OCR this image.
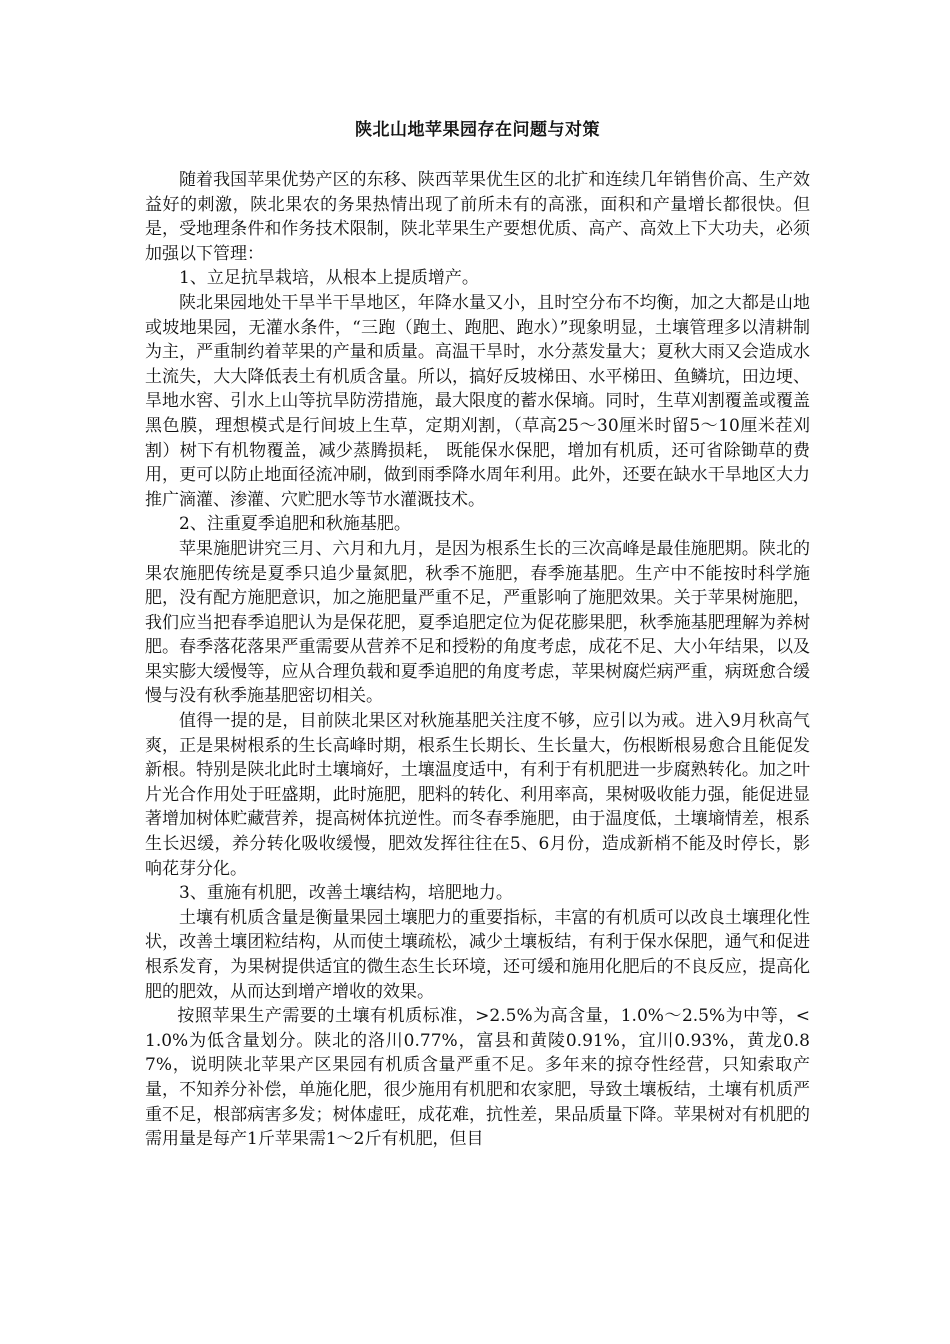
陕北山地苹果园存在问题与对策

随着我国苹果优势产区的东移、陕西苹果优生区的北扩和连续几年销售价高、生产效益好的刺激，陕北果农的务果热情出现了前所未有的高涨，面积和产量增长都很快。但是，受地理条件和作务技术限制，陕北苹果生产要想优质、高产、高效上下大功夫，必须加强以下管理：

1、立足抗旱栽培，从根本上提质增产。

陕北果园地处干旱半干旱地区，年降水量又小，且时空分布不均衡，加之大都是山地或坡地果园，无灌水条件，“三跑（跑土、跑肥、跑水）”现象明显，土壤管理多以清耕制为主，严重制约着苹果的产量和质量。高温干旱时，水分蒸发量大；夏秋大雨又会造成水土流失，大大降低表土有机质含量。所以，搞好反坡梯田、水平梯田、鱼鳞坑，田边埂、旱地水窖、引水上山等抗旱防涝措施，最大限度的蓄水保墒。同时，生草刈割覆盖或覆盖黑色膜，理想模式是行间坡上生草，定期刈割，（草高25～30厘米时留5～10厘米茬刈割）树下有机物覆盖，减少蒸腾损耗， 既能保水保肥，增加有机质，还可省除锄草的费用，更可以防止地面径流冲刷，做到雨季降水周年利用。此外，还要在缺水干旱地区大力推广滴灌、渗灌、穴贮肥水等节水灌溉技术。

2、注重夏季追肥和秋施基肥。

苹果施肥讲究三月、六月和九月，是因为根系生长的三次高峰是最佳施肥期。陕北的果农施肥传统是夏季只追少量氮肥，秋季不施肥，春季施基肥。生产中不能按时科学施肥，没有配方施肥意识，加之施肥量严重不足，严重影响了施肥效果。关于苹果树施肥，我们应当把春季追肥认为是保花肥，夏季追肥定位为促花膨果肥，秋季施基肥理解为养树肥。春季落花落果严重需要从营养不足和授粉的角度考虑，成花不足、大小年结果，以及果实膨大缓慢等，应从合理负载和夏季追肥的角度考虑，苹果树腐烂病严重，病斑愈合缓慢与没有秋季施基肥密切相关。

值得一提的是，目前陕北果区对秋施基肥关注度不够，应引以为戒。进入9月秋高气爽，正是果树根系的生长高峰时期，根系生长期长、生长量大，伤根断根易愈合且能促发新根。特别是陕北此时土壤墒好，土壤温度适中，有利于有机肥进一步腐熟转化。加之叶片光合作用处于旺盛期，此时施肥，肥料的转化、利用率高，果树吸收能力强，能促进显著增加树体贮藏营养，提高树体抗逆性。而冬春季施肥，由于温度低，土壤墒情差，根系生长迟缓，养分转化吸收缓慢，肥效发挥往往在5、6月份，造成新梢不能及时停长，影响花芽分化。

3、重施有机肥，改善土壤结构，培肥地力。

土壤有机质含量是衡量果园土壤肥力的重要指标，丰富的有机质可以改良土壤理化性状，改善土壤团粒结构，从而使土壤疏松，减少土壤板结，有利于保水保肥，通气和促进根系发育，为果树提供适宜的微生态生长环境，还可缓和施用化肥后的不良反应，提高化肥的肥效，从而达到增产增收的效果。

按照苹果生产需要的土壤有机质标准，>2.5%为高含量，1.0%～2.5%为中等，<1.0%为低含量划分。陕北的洛川0.77%，富县和黄陵0.91%，宜川0.93%，黄龙0.87%，说明陕北苹果产区果园有机质含量严重不足。多年来的掠夺性经营，只知索取产量，不知养分补偿，单施化肥，很少施用有机肥和农家肥，导致土壤板结，土壤有机质严重不足，根部病害多发；树体虚旺，成花难，抗性差，果品质量下降。苹果树对有机肥的需用量是每产1斤苹果需1～2斤有机肥，但目
